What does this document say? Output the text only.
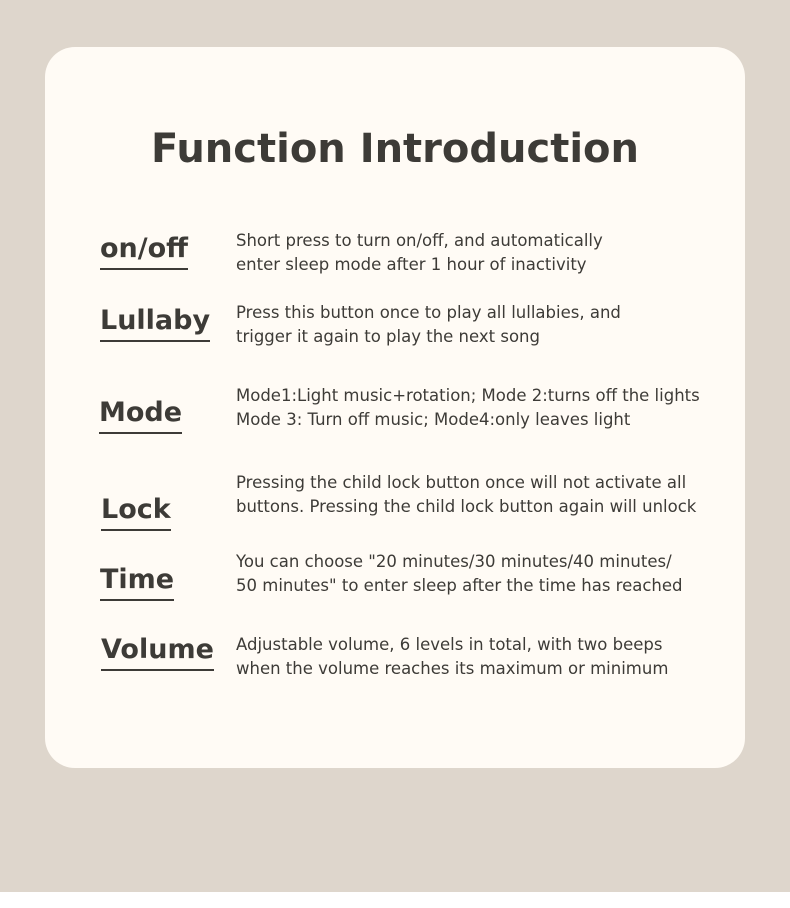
Function Introduction
on/off	Short press to turn on/off, and automatically
enter sleep mode after 1 hour of inactivity

Lullaby Press this button once to play all lullabies, and
trigger it again to play the next song

Mode

Mode1:Light music+rotation; Mode 2:turns off the lights
Mode 3: Turn off music; Mode4:only leaves light

Lock

Pressing the child lock button once will not activate all
buttons. Pressing the child lock button again will unlock

Time

You can choose "20 minutes/30 minutes/40 minutes/
50 minutes" to enter sleep after the time has reached

Volume Adjustable volume, 6 levels in total, with two beeps
when the volume reaches its maximum or minimum
